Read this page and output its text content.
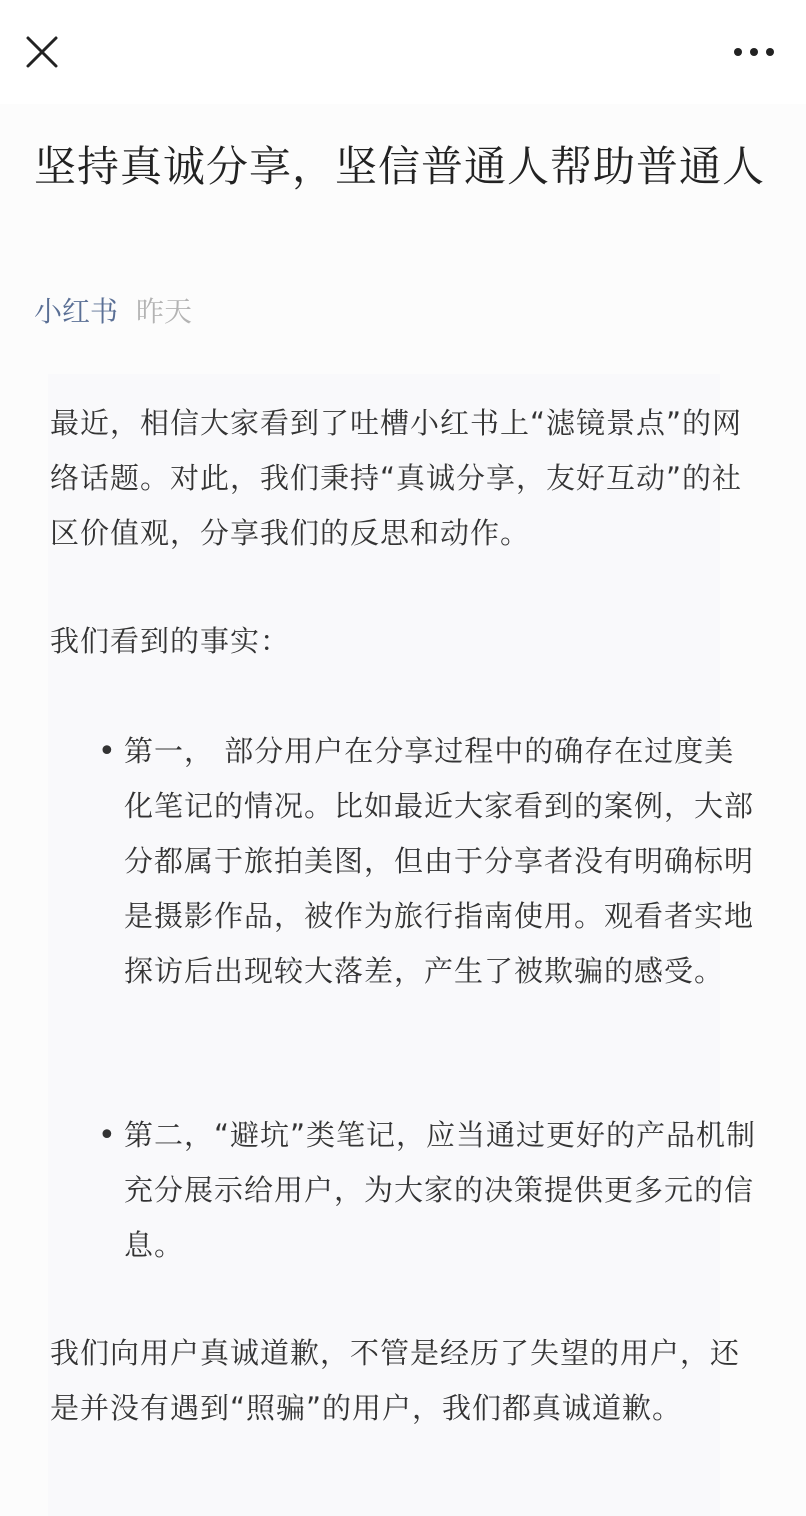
坚持真诚分享，坚信普通人帮助普通人
小红书 昨天

最近，相信大家看到了吐槽小红书上“滤镜景点”的网络话题。对此，我们秉持“真诚分享，友好互动”的社区价值观，分享我们的反思和动作。

我们看到的事实：

• 第一， 部分用户在分享过程中的确存在过度美化笔记的情况。比如最近大家看到的案例，大部分都属于旅拍美图，但由于分享者没有明确标明是摄影作品，被作为旅行指南使用。观看者实地探访后出现较大落差，产生了被欺骗的感受。

• 第二，“避坑”类笔记，应当通过更好的产品机制充分展示给用户，为大家的决策提供更多元的信息。

我们向用户真诚道歉，不管是经历了失望的用户，还是并没有遇到“照骗”的用户，我们都真诚道歉。
